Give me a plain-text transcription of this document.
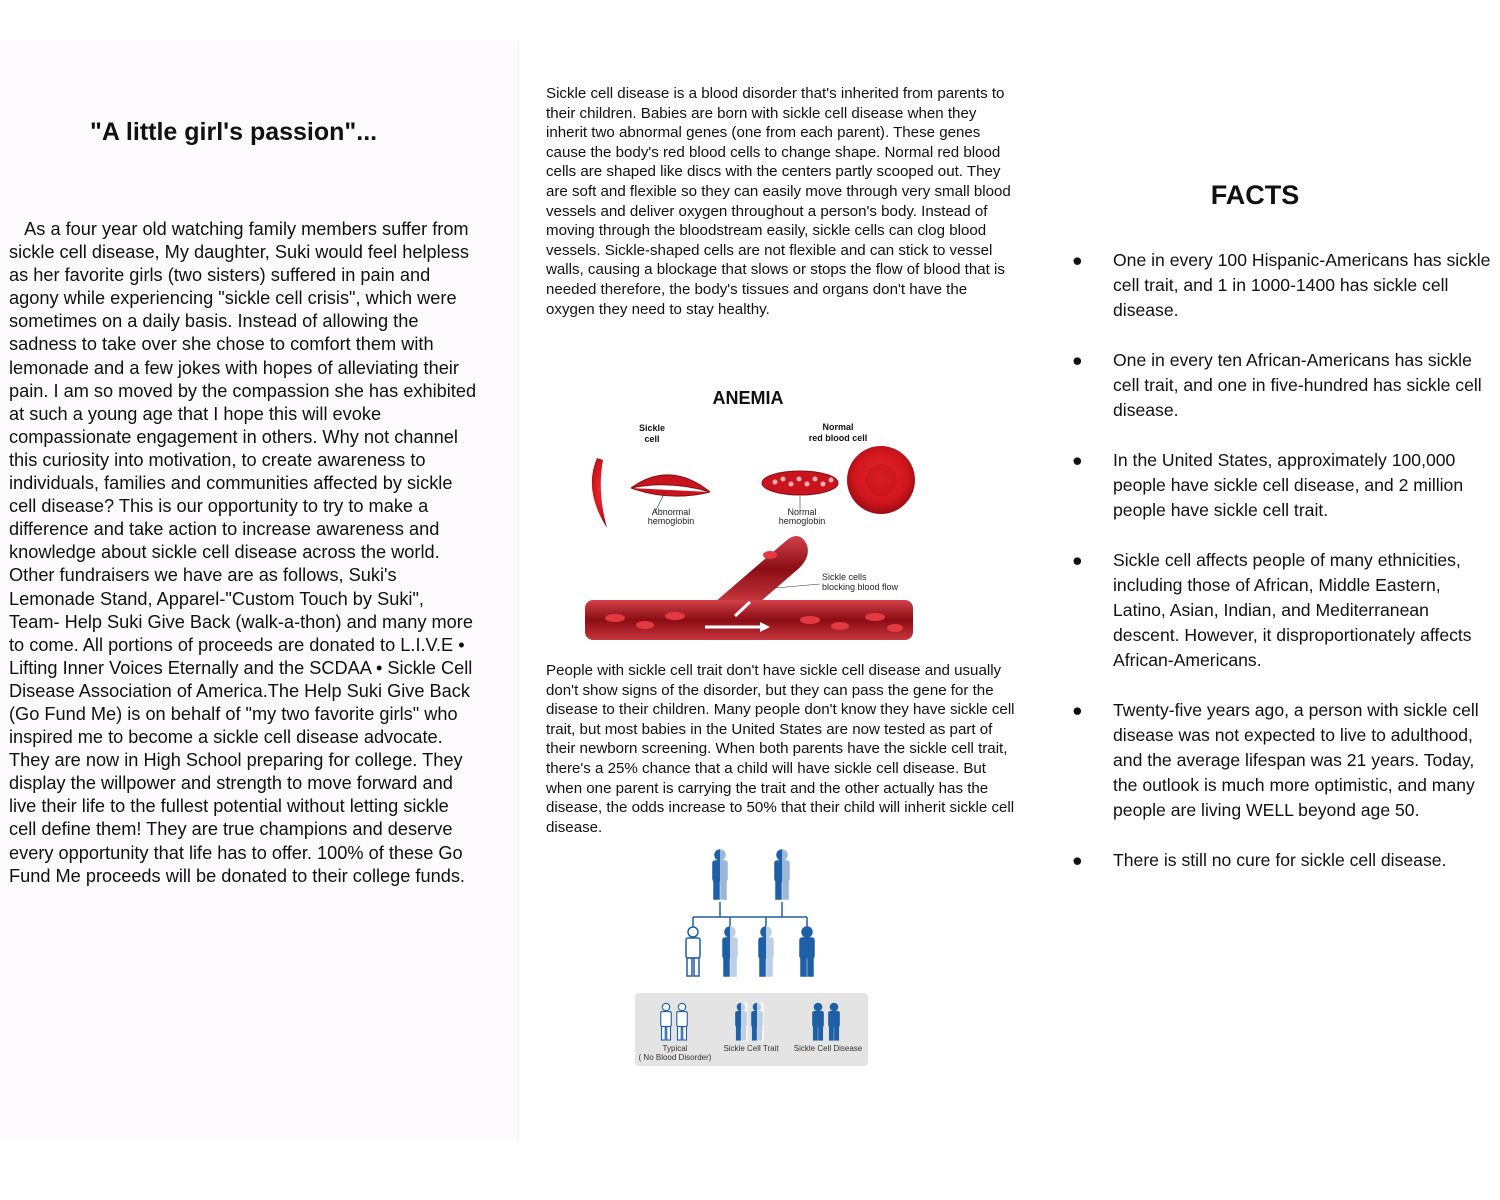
"A little girl's passion"...

As a four year old watching family members suffer from sickle cell disease, My daughter, Suki would feel helpless as her favorite girls (two sisters) suffered in pain and agony while experiencing "sickle cell crisis", which were sometimes on a daily basis. Instead of allowing the sadness to take over she chose to comfort them with lemonade and a few jokes with hopes of alleviating their pain. I am so moved by the compassion she has exhibited at such a young age that I hope this will evoke compassionate engagement in others. Why not channel this curiosity into motivation, to create awareness to individuals, families and communities affected by sickle cell disease? This is our opportunity to try to make a difference and take action to increase awareness and knowledge about sickle cell disease across the world. Other fundraisers we have are as follows, Suki's Lemonade Stand, Apparel-"Custom Touch by Suki", Team- Help Suki Give Back (walk-a-thon) and many more to come. All portions of proceeds are donated to L.I.V.E • Lifting Inner Voices Eternally and the SCDAA • Sickle Cell Disease Association of America.The Help Suki Give Back
(Go Fund Me) is on behalf of "my two favorite girls" who inspired me to become a sickle cell disease advocate. They are now in High School preparing for college. They display the willpower and strength to move forward and live their life to the fullest potential without letting sickle cell define them! They are true champions and deserve every opportunity that life has to offer. 100% of these Go Fund Me proceeds will be donated to their college funds.

Sickle cell disease is a blood disorder that's inherited from parents to their children. Babies are born with sickle cell disease when they inherit two abnormal genes (one from each parent). These genes cause the body's red blood cells to change shape. Normal red blood cells are shaped like discs with the centers partly scooped out. They are soft and flexible so they can easily move through very small blood vessels and deliver oxygen throughout a person's body. Instead of moving through the bloodstream easily, sickle cells can clog blood vessels. Sickle-shaped cells are not flexible and can stick to vessel walls, causing a blockage that slows or stops the flow of blood that is needed therefore, the body's tissues and organs don't have the oxygen they need to stay healthy.

ANEMIA
Sickle
cell
Normal
red blood cell
Abnormal
hemoglobin
Normal
hemoglobin
Sickle cells
blocking blood flow

People with sickle cell trait don't have sickle cell disease and usually don't show signs of the disorder, but they can pass the gene for the disease to their children. Many people don't know they have sickle cell trait, but most babies in the United States are now tested as part of their newborn screening. When both parents have the sickle cell trait, there's a 25% chance that a child will have sickle cell disease. But when one parent is carrying the trait and the other actually has the disease, the odds increase to 50% that their child will inherit sickle cell disease.

Typical
( No Blood Disorder)
Sickle Cell Trait Sickle Cell Disease
FACTS
● One in every 100 Hispanic-Americans has sickle cell trait, and 1 in 1000-1400 has sickle cell disease.
● One in every ten African-Americans has sickle cell trait, and one in five-hundred has sickle cell disease.
● In the United States, approximately 100,000 people have sickle cell disease, and 2 million people have sickle cell trait.
● Sickle cell affects people of many ethnicities, including those of African, Middle Eastern, Latino, Asian, Indian, and Mediterranean descent. However, it disproportionately affects African-Americans.
● Twenty-five years ago, a person with sickle cell disease was not expected to live to adulthood, and the average lifespan was 21 years. Today, the outlook is much more optimistic, and many people are living WELL beyond age 50.
● There is still no cure for sickle cell disease.
